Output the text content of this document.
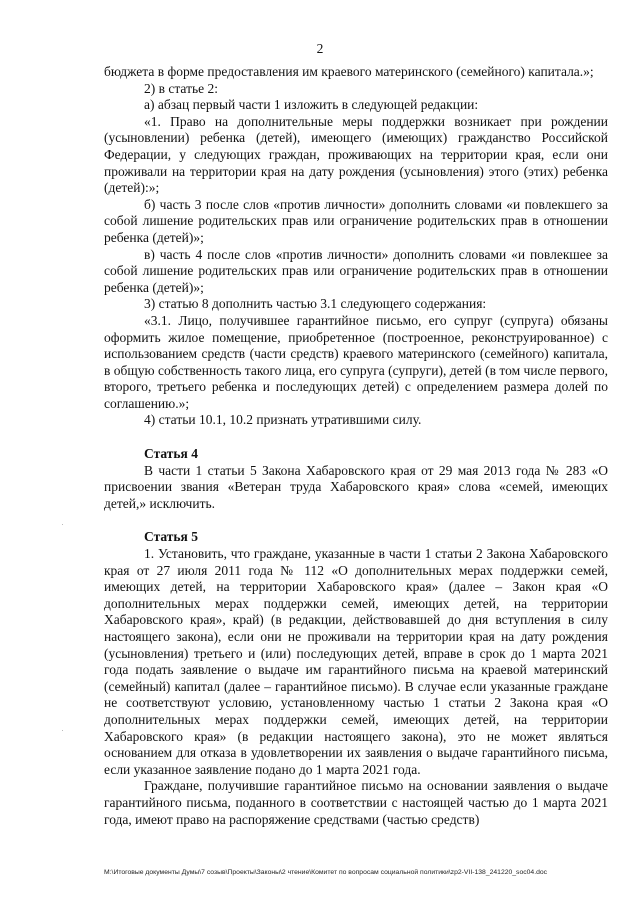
2

бюджета в форме предоставления им краевого материнского (семейного) капитала.»;

2) в статье 2:

а) абзац первый части 1 изложить в следующей редакции:

«1. Право на дополнительные меры поддержки возникает при рождении (усыновлении) ребенка (детей), имеющего (имеющих) гражданство Российской Федерации, у следующих граждан, проживающих на территории края, если они проживали на территории края на дату рождения (усыновления) этого (этих) ребенка (детей):»;

б) часть 3 после слов «против личности» дополнить словами «и повлекшего за собой лишение родительских прав или ограничение родительских прав в отношении ребенка (детей)»;

в) часть 4 после слов «против личности» дополнить словами «и повлекшее за собой лишение родительских прав или ограничение родительских прав в отношении ребенка (детей)»;

3) статью 8 дополнить частью 3.1 следующего содержания:

«3.1. Лицо, получившее гарантийное письмо, его супруг (супруга) обязаны оформить жилое помещение, приобретенное (построенное, реконструированное) с использованием средств (части средств) краевого материнского (семейного) капитала, в общую собственность такого лица, его супруга (супруги), детей (в том числе первого, второго, третьего ребенка и последующих детей) с определением размера долей по соглашению.»;

4) статьи 10.1, 10.2 признать утратившими силу.

Статья 4

В части 1 статьи 5 Закона Хабаровского края от 29 мая 2013 года № 283 «О присвоении звания «Ветеран труда Хабаровского края» слова «семей, имеющих детей,» исключить.

Статья 5

1. Установить, что граждане, указанные в части 1 статьи 2 Закона Хабаровского края от 27 июля 2011 года № 112 «О дополнительных мерах поддержки семей, имеющих детей, на территории Хабаровского края» (далее – Закон края «О дополнительных мерах поддержки семей, имеющих детей, на территории Хабаровского края», край) (в редакции, действовавшей до дня вступления в силу настоящего закона), если они не проживали на территории края на дату рождения (усыновления) третьего и (или) последующих детей, вправе в срок до 1 марта 2021 года подать заявление о выдаче им гарантийного письма на краевой материнский (семейный) капитал (далее – гарантийное письмо). В случае если указанные граждане не соответствуют условию, установленному частью 1 статьи 2 Закона края «О дополнительных мерах поддержки семей, имеющих детей, на территории Хабаровского края» (в редакции настоящего закона), это не может являться основанием для отказа в удовлетворении их заявления о выдаче гарантийного письма, если указанное заявление подано до 1 марта 2021 года.

Граждане, получившие гарантийное письмо на основании заявления о выдаче гарантийного письма, поданного в соответствии с настоящей частью до 1 марта 2021 года, имеют право на распоряжение средствами (частью средств)

M:\Итоговые документы Думы\7 созыв\Проекты\Законы\2 чтение\Комитет по вопросам социальной политики\zp2-VII-138_241220_soc04.doc
